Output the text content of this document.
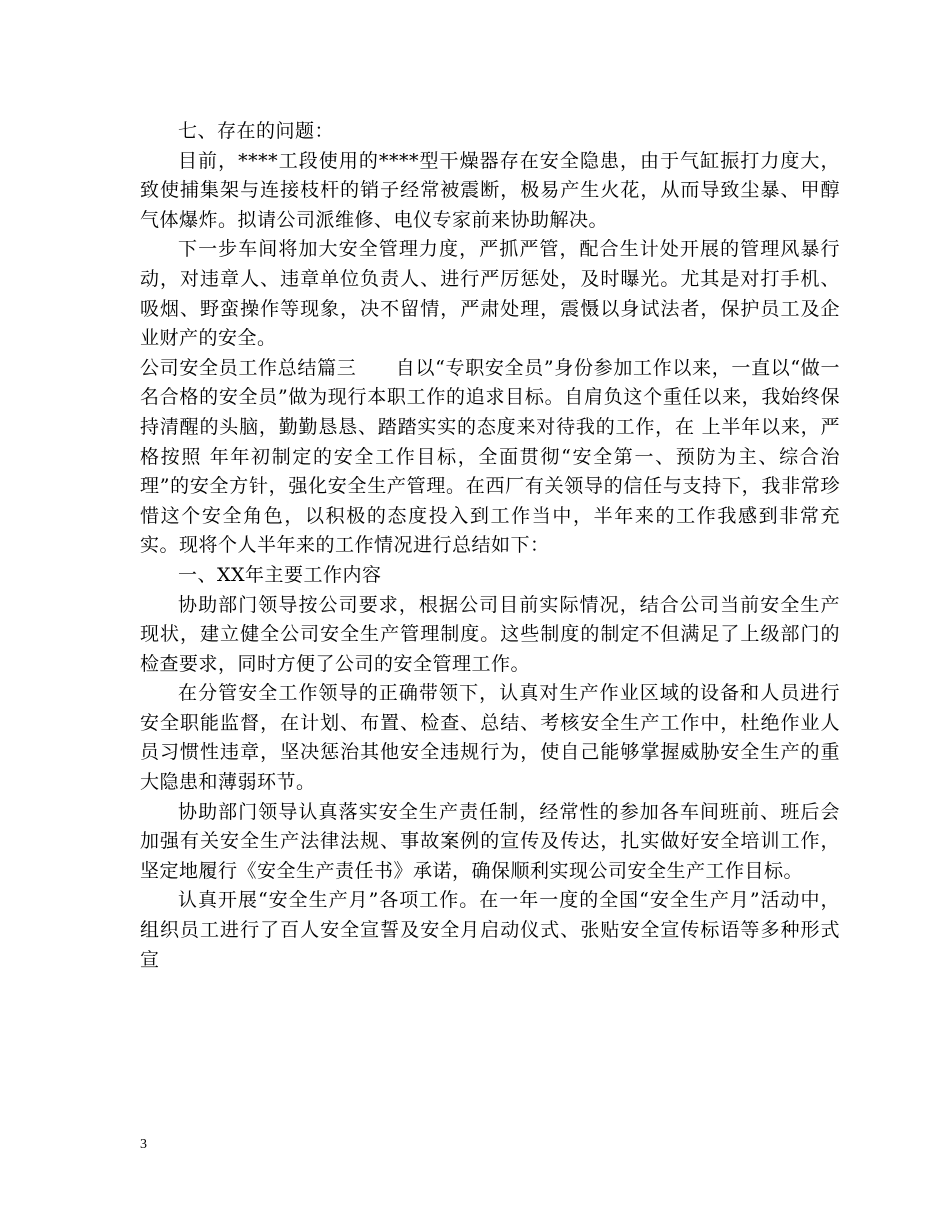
七、存在的问题：

目前，****工段使用的****型干燥器存在安全隐患，由于气缸振打力度大，致使捕集架与连接枝杆的销子经常被震断，极易产生火花，从而导致尘暴、甲醇气体爆炸。拟请公司派维修、电仪专家前来协助解决。

下一步车间将加大安全管理力度，严抓严管，配合生计处开展的管理风暴行动，对违章人、违章单位负责人、进行严厉惩处，及时曝光。尤其是对打手机、吸烟、野蛮操作等现象，决不留情，严肃处理，震慑以身试法者，保护员工及企业财产的安全。

公司安全员工作总结篇三　　自以“专职安全员”身份参加工作以来，一直以“做一名合格的安全员”做为现行本职工作的追求目标。自肩负这个重任以来，我始终保持清醒的头脑，勤勤恳恳、踏踏实实的态度来对待我的工作，在 上半年以来，严格按照 年年初制定的安全工作目标，全面贯彻“安全第一、预防为主、综合治理”的安全方针，强化安全生产管理。在西厂有关领导的信任与支持下，我非常珍惜这个安全角色，以积极的态度投入到工作当中，半年来的工作我感到非常充实。现将个人半年来的工作情况进行总结如下：

一、XX年主要工作内容

协助部门领导按公司要求，根据公司目前实际情况，结合公司当前安全生产现状，建立健全公司安全生产管理制度。这些制度的制定不但满足了上级部门的检查要求，同时方便了公司的安全管理工作。

在分管安全工作领导的正确带领下，认真对生产作业区域的设备和人员进行安全职能监督，在计划、布置、检查、总结、考核安全生产工作中，杜绝作业人员习惯性违章，坚决惩治其他安全违规行为，使自己能够掌握威胁安全生产的重大隐患和薄弱环节。

协助部门领导认真落实安全生产责任制，经常性的参加各车间班前、班后会加强有关安全生产法律法规、事故案例的宣传及传达，扎实做好安全培训工作，坚定地履行《安全生产责任书》承诺，确保顺利实现公司安全生产工作目标。

认真开展“安全生产月”各项工作。在一年一度的全国“安全生产月”活动中，组织员工进行了百人安全宣誓及安全月启动仪式、张贴安全宣传标语等多种形式宣

3
